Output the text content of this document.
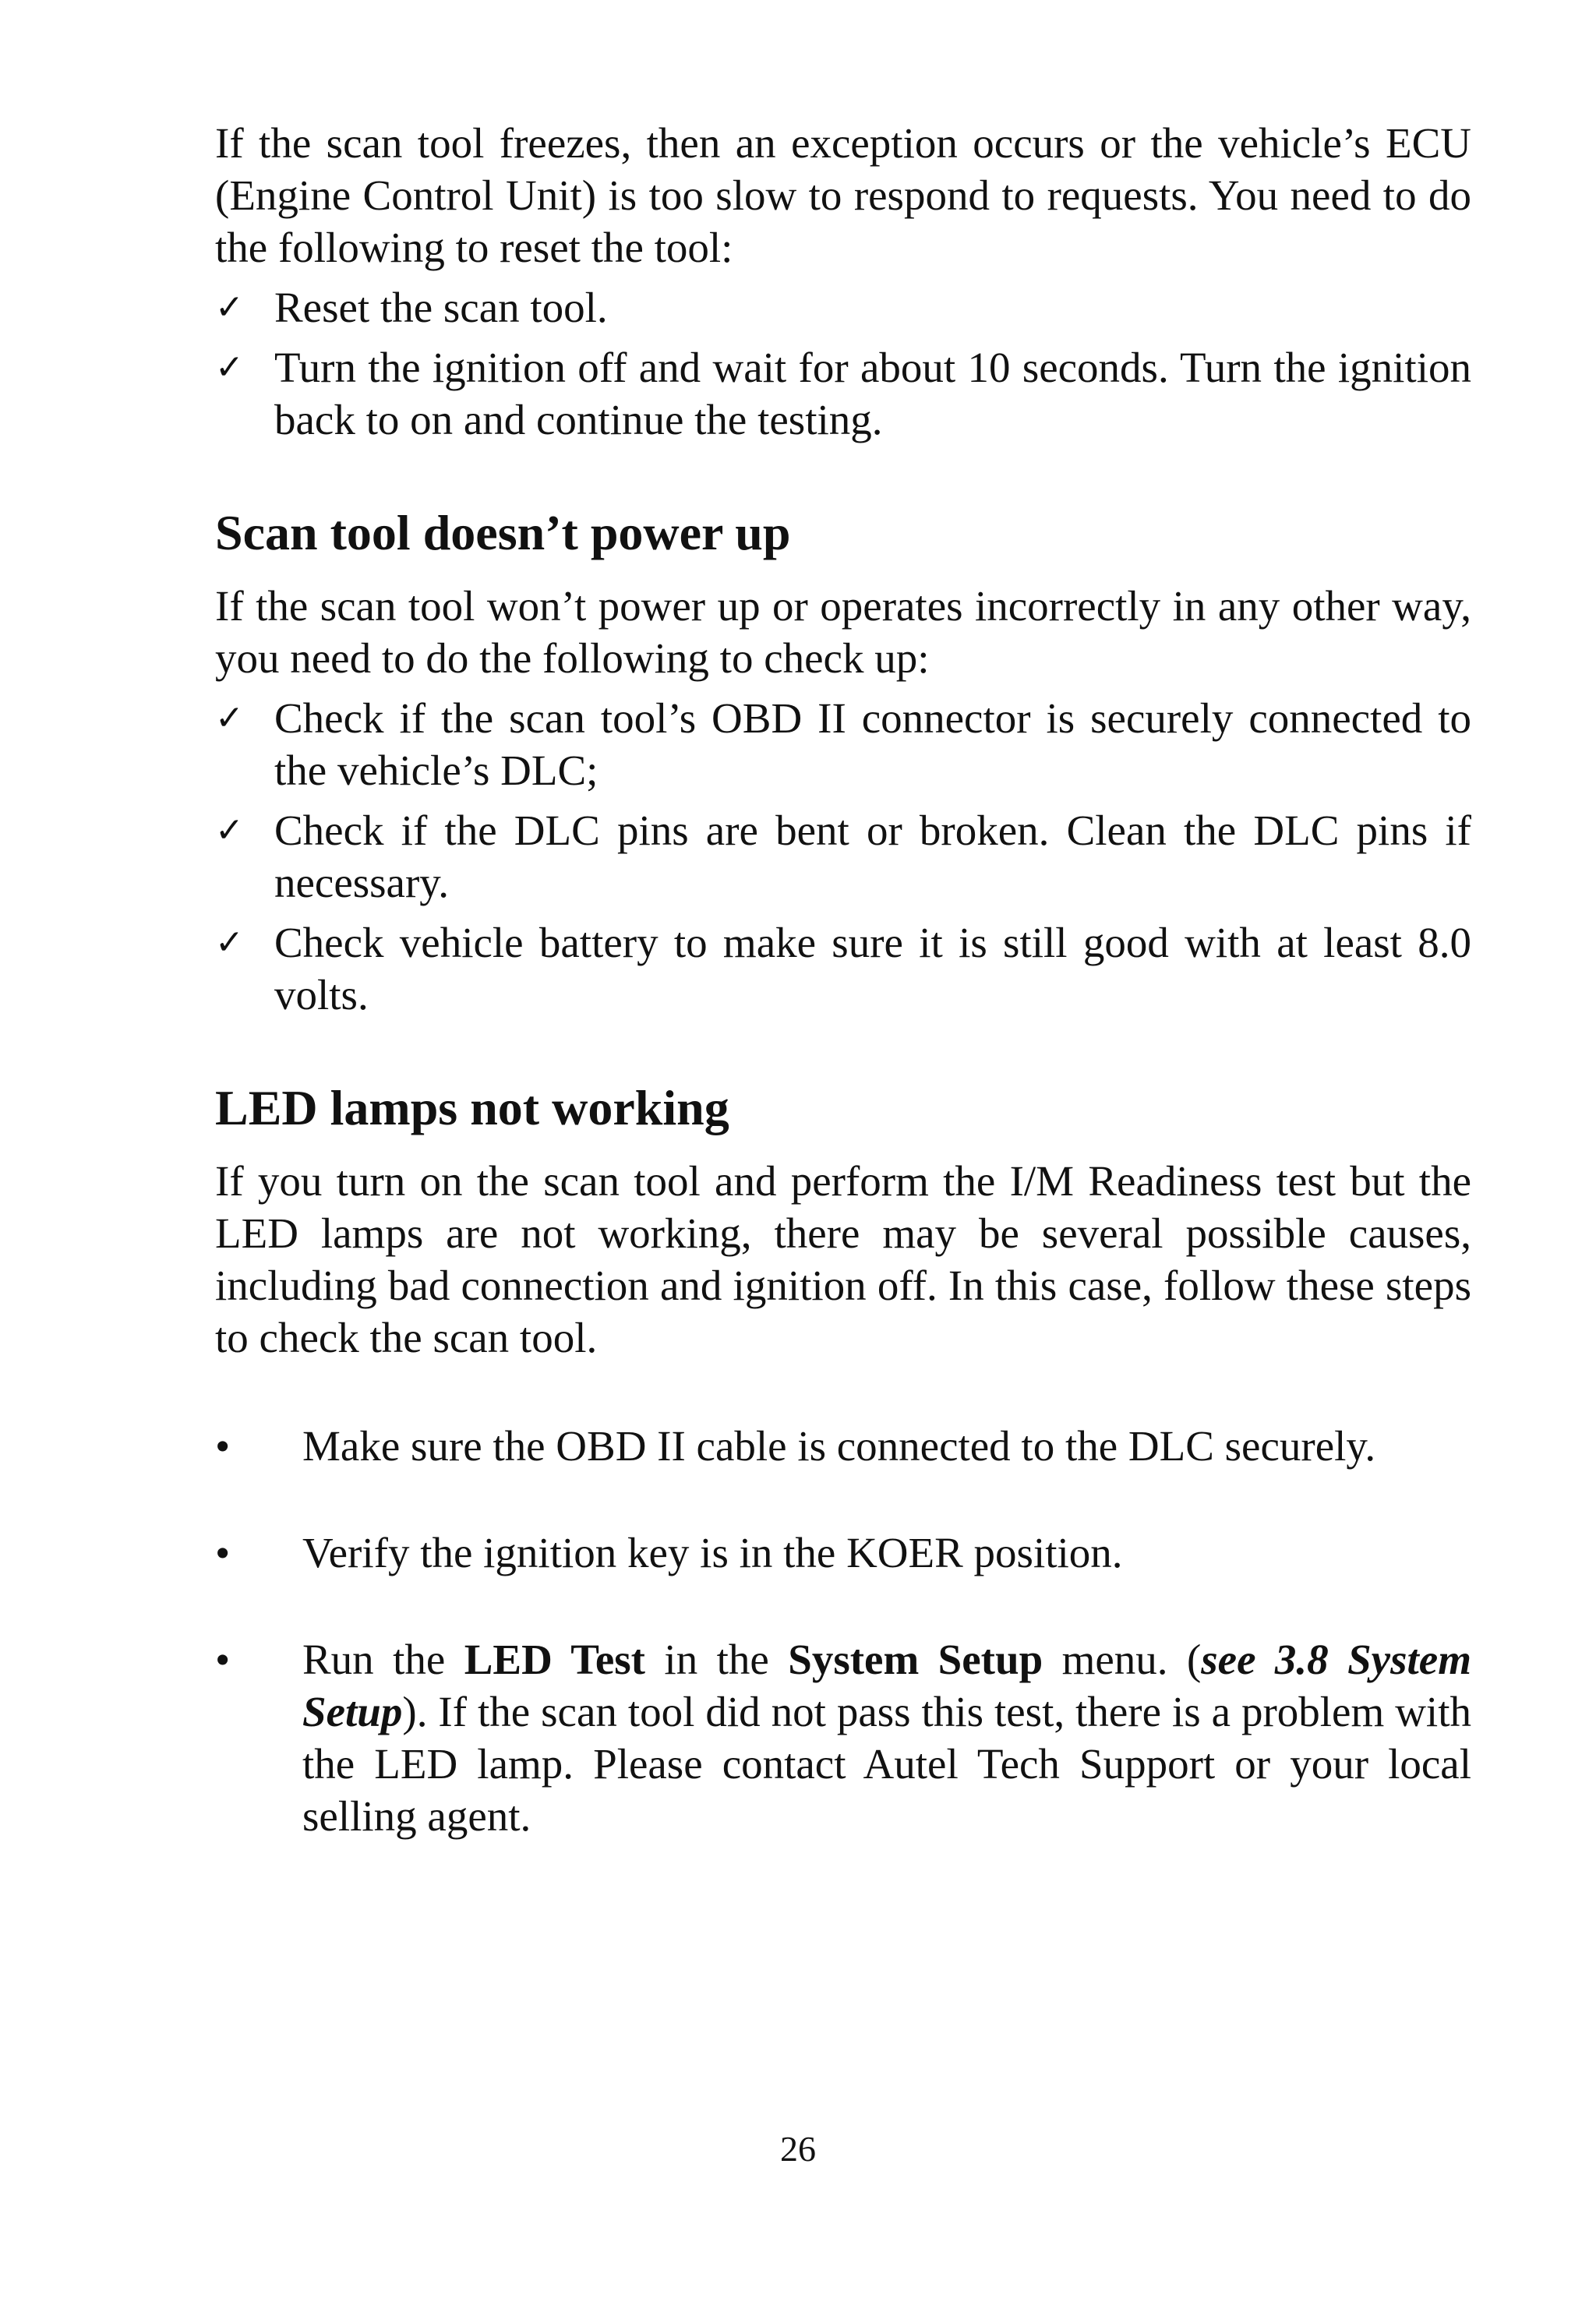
If the scan tool freezes, then an exception occurs or the vehicle’s ECU (Engine Control Unit) is too slow to respond to requests. You need to do the following to reset the tool:

✓ Reset the scan tool.
✓ Turn the ignition off and wait for about 10 seconds. Turn the ignition back to on and continue the testing.
Scan tool doesn’t power up

If the scan tool won’t power up or operates incorrectly in any other way, you need to do the following to check up:

✓ Check if the scan tool’s OBD II connector is securely connected to the vehicle’s DLC;
✓ Check if the DLC pins are bent or broken. Clean the DLC pins if necessary.
✓ Check vehicle battery to make sure it is still good with at least 8.0 volts.
LED lamps not working

If you turn on the scan tool and perform the I/M Readiness test but the LED lamps are not working, there may be several possible causes, including bad connection and ignition off. In this case, follow these steps to check the scan tool.

•	Make sure the OBD II cable is connected to the DLC securely.
•	Verify the ignition key is in the KOER position.
•	Run the LED Test in the System Setup menu. (see 3.8 System Setup). If the scan tool did not pass this test, there is a problem with the LED lamp. Please contact Autel Tech Support or your local selling agent.
26
